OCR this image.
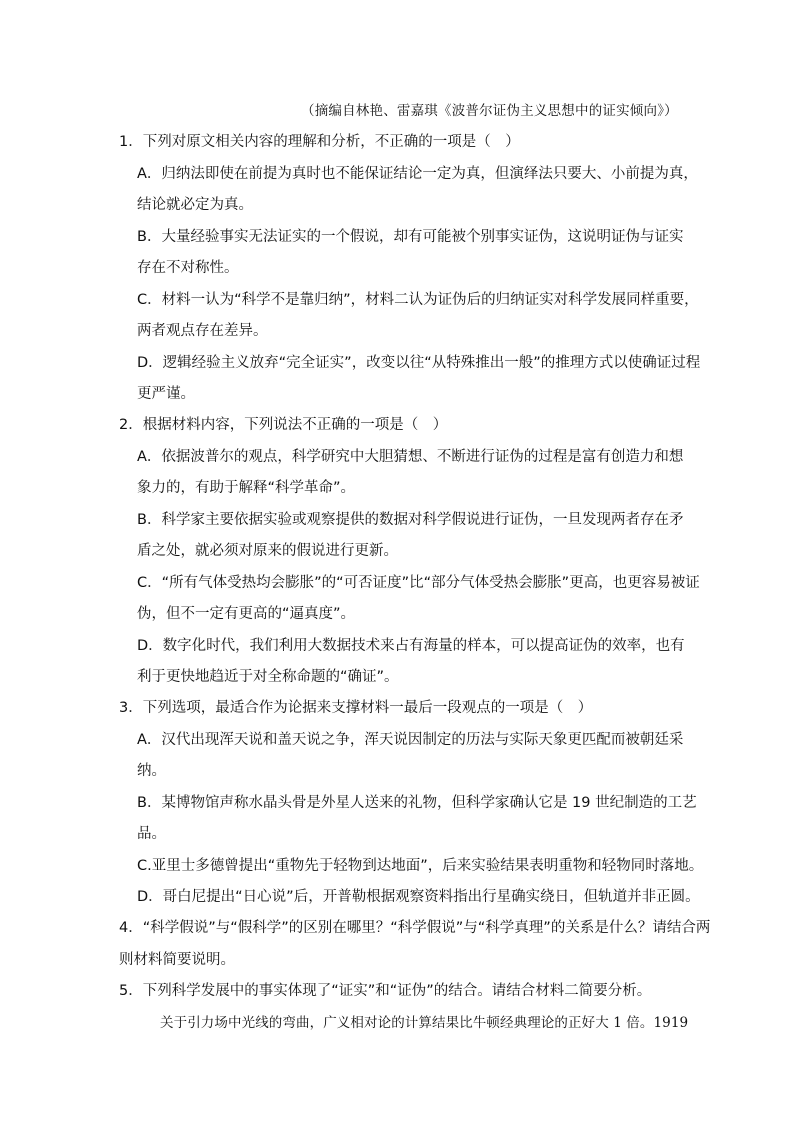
（摘编自林艳、雷嘉琪《波普尔证伪主义思想中的证实倾向》）
1．下列对原文相关内容的理解和分析，不正确的一项是（　）
A．归纳法即使在前提为真时也不能保证结论一定为真，但演绎法只要大、小前提为真，
结论就必定为真。
B．大量经验事实无法证实的一个假说，却有可能被个别事实证伪，这说明证伪与证实
存在不对称性。
C．材料一认为“科学不是靠归纳”，材料二认为证伪后的归纳证实对科学发展同样重要，
两者观点存在差异。
D．逻辑经验主义放弃“完全证实”，改变以往“从特殊推出一般”的推理方式以使确证过程
更严谨。
2．根据材料内容，下列说法不正确的一项是（　）
A．依据波普尔的观点，科学研究中大胆猜想、不断进行证伪的过程是富有创造力和想
象力的，有助于解释“科学革命”。
B．科学家主要依据实验或观察提供的数据对科学假说进行证伪，一旦发现两者存在矛
盾之处，就必须对原来的假说进行更新。
C．“所有气体受热均会膨胀”的“可否证度”比“部分气体受热会膨胀”更高，也更容易被证
伪，但不一定有更高的“逼真度”。
D．数字化时代，我们利用大数据技术来占有海量的样本，可以提高证伪的效率，也有
利于更快地趋近于对全称命题的“确证”。
3．下列选项，最适合作为论据来支撑材料一最后一段观点的一项是（　）
A．汉代出现浑天说和盖天说之争，浑天说因制定的历法与实际天象更匹配而被朝廷采
纳。
B．某博物馆声称水晶头骨是外星人送来的礼物，但科学家确认它是 19 世纪制造的工艺
品。
C.亚里士多德曾提出“重物先于轻物到达地面”，后来实验结果表明重物和轻物同时落地。
D．哥白尼提出“日心说”后，开普勒根据观察资料指出行星确实绕日，但轨道并非正圆。
4．“科学假说”与“假科学”的区别在哪里？“科学假说”与“科学真理”的关系是什么？请结合两
则材料简要说明。
5．下列科学发展中的事实体现了“证实”和“证伪”的结合。请结合材料二简要分析。
关于引力场中光线的弯曲，广义相对论的计算结果比牛顿经典理论的正好大 1 倍。1919
